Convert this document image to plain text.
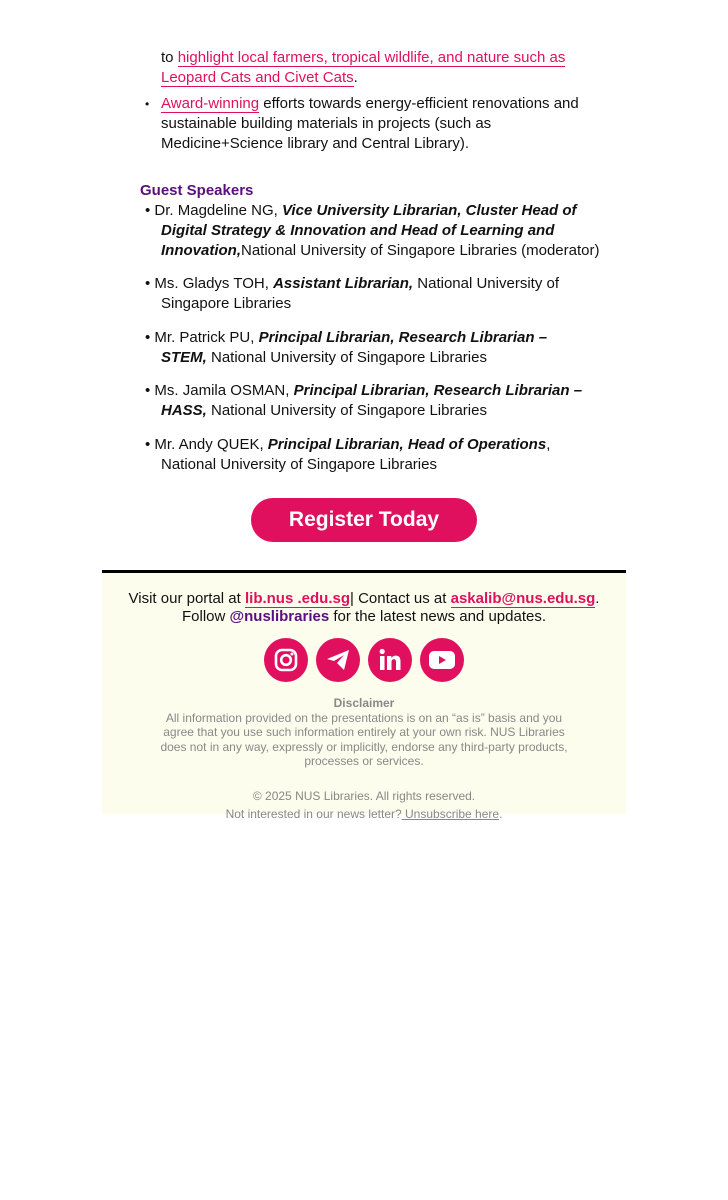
to highlight local farmers, tropical wildlife, and nature such as Leopard Cats and Civet Cats.

• Award-winning efforts towards energy-efficient renovations and sustainable building materials in projects (such as Medicine+Science library and Central Library).

Guest Speakers

• Dr. Magdeline NG, Vice University Librarian, Cluster Head of Digital Strategy & Innovation and Head of Learning and Innovation,National University of Singapore Libraries (moderator)

• Ms. Gladys TOH, Assistant Librarian, National University of Singapore Libraries

• Mr. Patrick PU, Principal Librarian, Research Librarian – STEM, National University of Singapore Libraries

• Ms. Jamila OSMAN, Principal Librarian, Research Librarian – HASS, National University of Singapore Libraries

• Mr. Andy QUEK, Principal Librarian, Head of Operations, National University of Singapore Libraries

Register Today
Visit our portal at lib.nus .edu.sg| Contact us at askalib@nus.edu.sg.
Follow @nuslibraries for the latest news and updates.
Disclaimer
All information provided on the presentations is on an “as is” basis and you agree that you use such information entirely at your own risk. NUS Libraries does not in any way, expressly or implicitly, endorse any third-party products, processes or services.
© 2025 NUS Libraries. All rights reserved.
Not interested in our news letter? Unsubscribe here.
